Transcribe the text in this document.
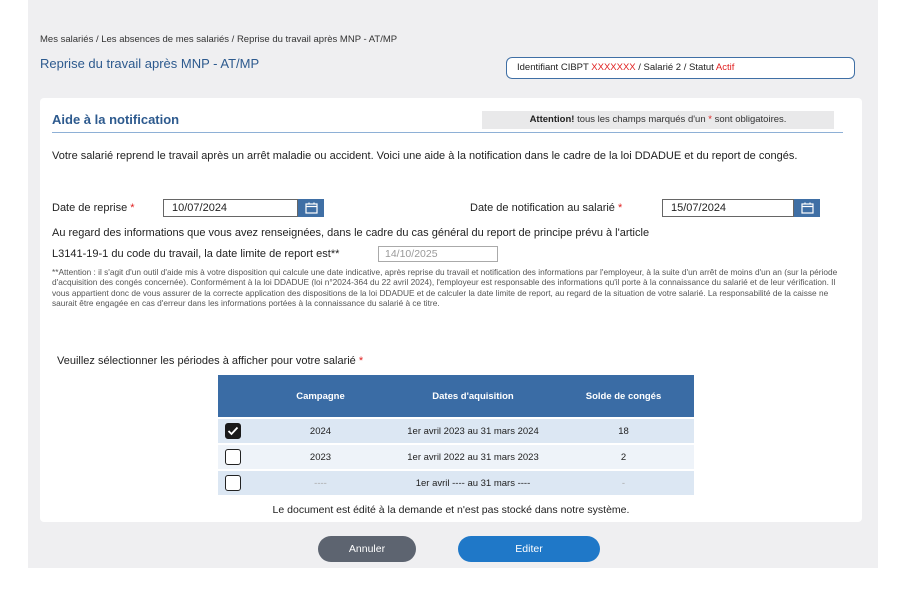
Mes salariés / Les absences de mes salariés / Reprise du travail après MNP - AT/MP
Reprise du travail après MNP - AT/MP	Identifiant CIBPT XXXXXXX / Salarié 2 / Statut Actif
Aide à la notification	Attention! tous les champs marqués d'un * sont obligatoires.
Votre salarié reprend le travail après un arrêt maladie ou accident. Voici une aide à la notification dans le cadre de la loi DDADUE et du report de congés.
Date de reprise *	10/07/2024	Date de notification au salarié *	15/07/2024
Au regard des informations que vous avez renseignées, dans le cadre du cas général du report de principe prévu à l'article
L3141-19-1 du code du travail, la date limite de report est**	14/10/2025
**Attention : il s'agit d'un outil d'aide mis à votre disposition qui calcule une date indicative, après reprise du travail et notification des informations par l'employeur, à la suite d'un arrêt de moins d'un an (sur la période d'acquisition des congés concernée). Conformément à la loi DDADUE (loi n°2024-364 du 22 avril 2024), l'employeur est responsable des informations qu'il porte à la connaissance du salarié et de leur vérification. Il vous appartient donc de vous assurer de la correcte application des dispositions de la loi DDADUE et de calculer la date limite de report, au regard de la situation de votre salarié. La responsabilité de la caisse ne saurait être engagée en cas d'erreur dans les informations portées à la connaissance du salarié à ce titre.
Veuillez sélectionner les périodes à afficher pour votre salarié *
Campagne	Dates d'aquisition	Solde de congés
2024	1er avril 2023 au 31 mars 2024	18
2023	1er avril 2022 au 31 mars 2023	2
----	1er avril ---- au 31 mars ----	-
Le document est édité à la demande et n'est pas stocké dans notre système.
Annuler	Editer
